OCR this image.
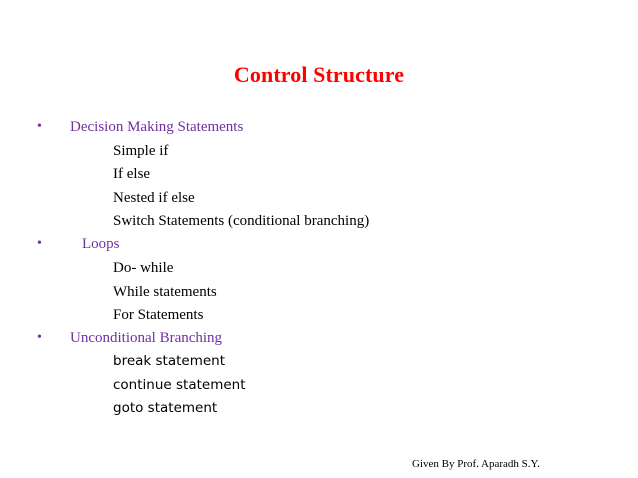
Control Structure
• Decision Making Statements
Simple if
If else
Nested if else
Switch Statements (conditional branching)
•	Loops
Do- while
While statements
For Statements
• Unconditional Branching
break statement
continue statement
goto statement
Given By Prof. Aparadh S.Y.
